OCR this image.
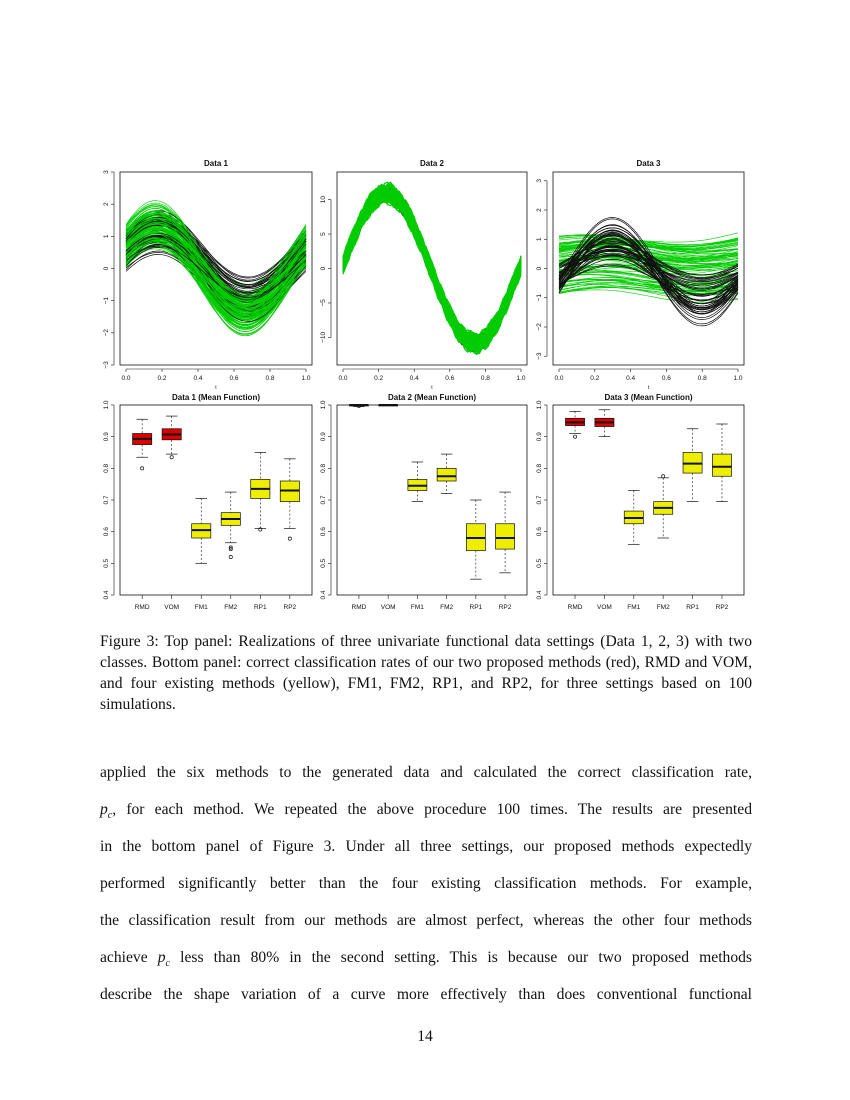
Data 1
−3
−2
−1
0
1
2
3
0.0	0.2	0.4	0.6	0.8	1.0
t
Data 2
−10
−5
0
5
10
0.0	0.2	0.4	0.6	0.8	1.0
t
Data 3
−3
−2
−1
0
1
2
3
0.0	0.2	0.4	0.6	0.8	1.0
t
Data 1 (Mean Function)
0.4
0.5
0.6
0.7
0.8
0.9
1.0
RMD VOM FM1	FM2	RP1	RP2
Data 2 (Mean Function)
0.4
0.5
0.6
0.7
0.8
0.9
1.0
RMD VOM FM1 FM2	RP1	RP2
Data 3 (Mean Function)
0.4
0.5
0.6
0.7
0.8
0.9
1.0
RMD VOM FM1	FM2	RP1	RP2

Figure 3: Top panel: Realizations of three univariate functional data settings (Data 1, 2, 3) with two classes. Bottom panel: correct classification rates of our two proposed methods (red), RMD and VOM, and four existing methods (yellow), FM1, FM2, RP1, and RP2, for three settings based on 100 simulations.

applied the six methods to the generated data and calculated the correct classification rate,
$p_c$, for each method. We repeated the above procedure 100 times. The results are presented
in the bottom panel of Figure 3. Under all three settings, our proposed methods expectedly
performed significantly better than the four existing classification methods. For example,
the classification result from our methods are almost perfect, whereas the other four methods
achieve $p_c$ less than 80% in the second setting. This is because our two proposed methods
describe the shape variation of a curve more effectively than does conventional functional
14
